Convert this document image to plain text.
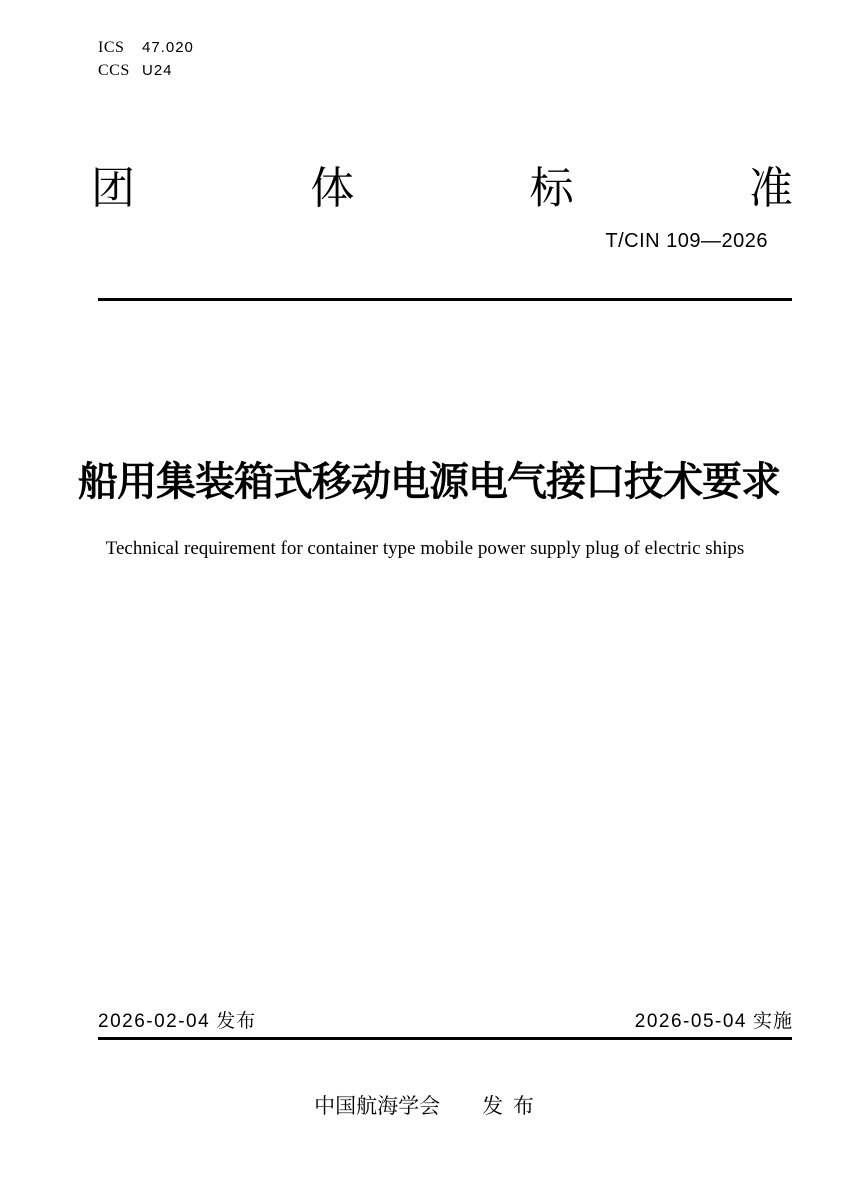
ICS	47.020
CCS U24
团	体	标	准
T/CIN 109—2026
船用集装箱式移动电源电气接口技术要求
Technical requirement for container type mobile power supply plug of electric ships
2026-02-04 发布	2026-05-04 实施
中国航海学会 发 布
